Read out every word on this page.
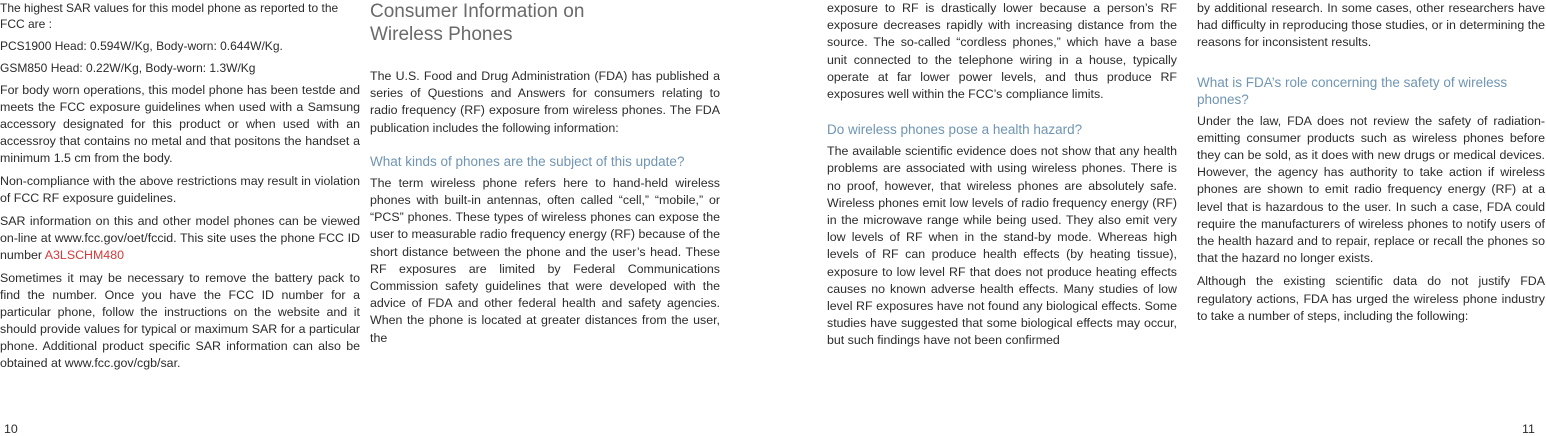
The highest SAR values for this model phone as reported to the FCC are :

PCS1900 Head: 0.594W/Kg, Body-worn: 0.644W/Kg.

GSM850 Head: 0.22W/Kg, Body-worn: 1.3W/Kg

For body worn operations, this model phone has been testde and meets the FCC exposure guidelines when used with a Samsung accessory designated for this product or when used with an accessroy that contains no metal and that positons the handset a minimum 1.5 cm from the body.

Non-compliance with the above restrictions may result in violation of FCC RF exposure guidelines.

SAR information on this and other model phones can be viewed on-line at www.fcc.gov/oet/fccid. This site uses the phone FCC ID number A3LSCHM480

Sometimes it may be necessary to remove the battery pack to find the number. Once you have the FCC ID number for a particular phone, follow the instructions on the website and it should provide values for typical or maximum SAR for a particular phone. Additional product specific SAR information can also be obtained at www.fcc.gov/cgb/sar.

Consumer Information on Wireless Phones

The U.S. Food and Drug Administration (FDA) has published a series of Questions and Answers for consumers relating to radio frequency (RF) exposure from wireless phones. The FDA publication includes the following information:

What kinds of phones are the subject of this update?

The term wireless phone refers here to hand-held wireless phones with built-in antennas, often called “cell,” “mobile,” or “PCS” phones. These types of wireless phones can expose the user to measurable radio frequency energy (RF) because of the short distance between the phone and the user’s head. These RF exposures are limited by Federal Communications Commission safety guidelines that were developed with the advice of FDA and other federal health and safety agencies. When the phone is located at greater distances from the user, the

exposure to RF is drastically lower because a person’s RF exposure decreases rapidly with increasing distance from the source. The so-called “cordless phones,” which have a base unit connected to the telephone wiring in a house, typically operate at far lower power levels, and thus produce RF exposures well within the FCC’s compliance limits.

Do wireless phones pose a health hazard?

The available scientific evidence does not show that any health problems are associated with using wireless phones. There is no proof, however, that wireless phones are absolutely safe. Wireless phones emit low levels of radio frequency energy (RF) in the microwave range while being used. They also emit very low levels of RF when in the stand-by mode. Whereas high levels of RF can produce health effects (by heating tissue), exposure to low level RF that does not produce heating effects causes no known adverse health effects. Many studies of low level RF exposures have not found any biological effects. Some studies have suggested that some biological effects may occur, but such findings have not been confirmed

by additional research. In some cases, other researchers have had difficulty in reproducing those studies, or in determining the reasons for inconsistent results.

What is FDA’s role concerning the safety of wireless phones?

Under the law, FDA does not review the safety of radiation-emitting consumer products such as wireless phones before they can be sold, as it does with new drugs or medical devices. However, the agency has authority to take action if wireless phones are shown to emit radio frequency energy (RF) at a level that is hazardous to the user. In such a case, FDA could require the manufacturers of wireless phones to notify users of the health hazard and to repair, replace or recall the phones so that the hazard no longer exists.

Although the existing scientific data do not justify FDA regulatory actions, FDA has urged the wireless phone industry to take a number of steps, including the following:

10	11
